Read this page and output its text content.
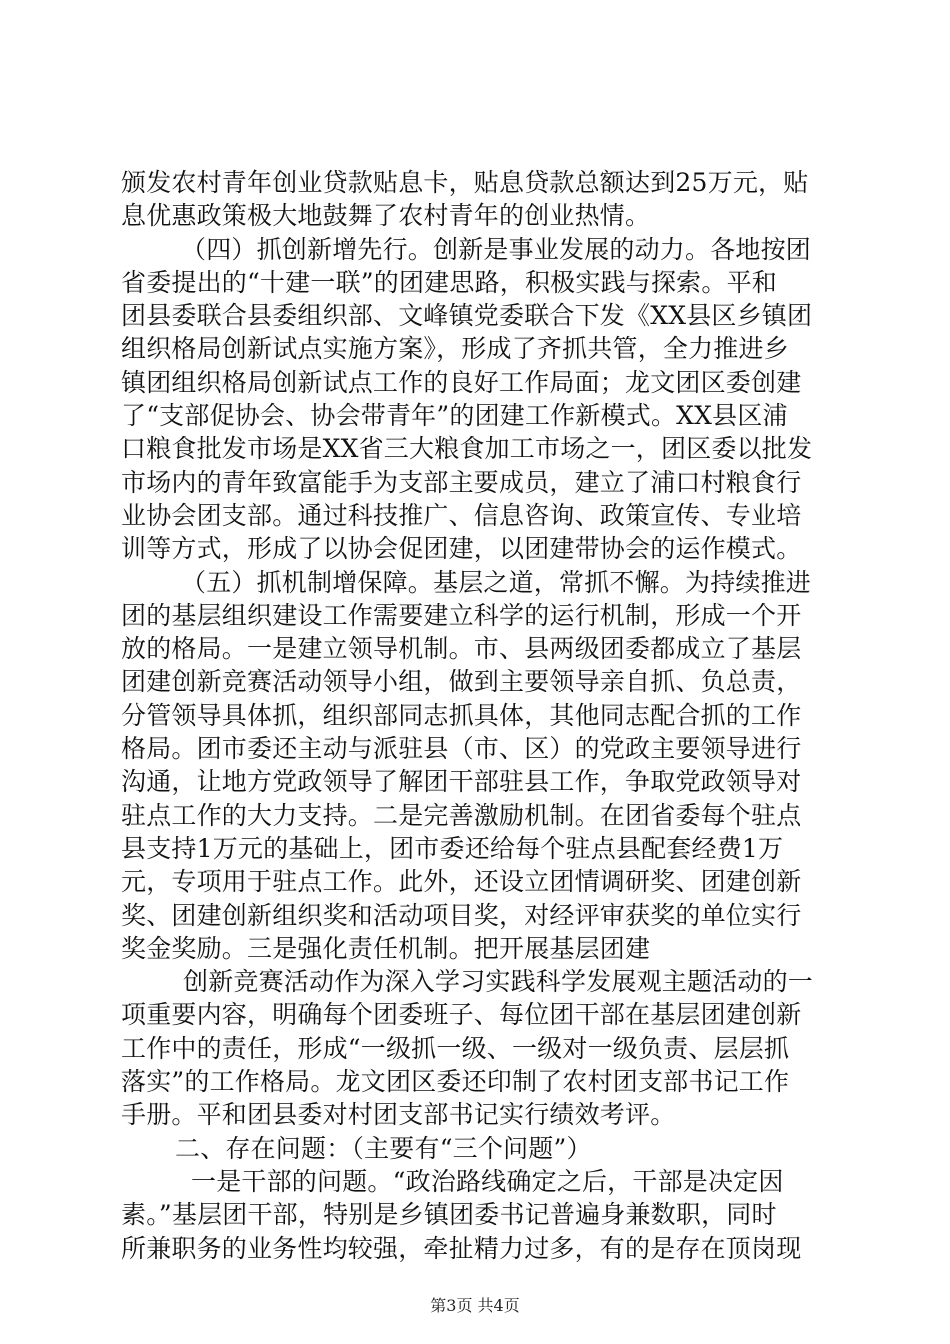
颁发农村青年创业贷款贴息卡，贴息贷款总额达到25万元，贴
息优惠政策极大地鼓舞了农村青年的创业热情。
（四）抓创新增先行。创新是事业发展的动力。各地按团
省委提出的“十建一联”的团建思路，积极实践与探索。平和
团县委联合县委组织部、文峰镇党委联合下发《XX县区乡镇团
组织格局创新试点实施方案》，形成了齐抓共管，全力推进乡
镇团组织格局创新试点工作的良好工作局面；龙文团区委创建
了“支部促协会、协会带青年”的团建工作新模式。XX县区浦
口粮食批发市场是XX省三大粮食加工市场之一，团区委以批发
市场内的青年致富能手为支部主要成员，建立了浦口村粮食行
业协会团支部。通过科技推广、信息咨询、政策宣传、专业培
训等方式，形成了以协会促团建，以团建带协会的运作模式。
（五）抓机制增保障。基层之道，常抓不懈。为持续推进
团的基层组织建设工作需要建立科学的运行机制，形成一个开
放的格局。一是建立领导机制。市、县两级团委都成立了基层
团建创新竞赛活动领导小组，做到主要领导亲自抓、负总责，
分管领导具体抓，组织部同志抓具体，其他同志配合抓的工作
格局。团市委还主动与派驻县（市、区）的党政主要领导进行
沟通，让地方党政领导了解团干部驻县工作，争取党政领导对
驻点工作的大力支持。二是完善激励机制。在团省委每个驻点
县支持1万元的基础上，团市委还给每个驻点县配套经费1万
元，专项用于驻点工作。此外，还设立团情调研奖、团建创新
奖、团建创新组织奖和活动项目奖，对经评审获奖的单位实行
奖金奖励。三是强化责任机制。把开展基层团建
创新竞赛活动作为深入学习实践科学发展观主题活动的一
项重要内容，明确每个团委班子、每位团干部在基层团建创新
工作中的责任，形成“一级抓一级、一级对一级负责、层层抓
落实”的工作格局。龙文团区委还印制了农村团支部书记工作
手册。平和团县委对村团支部书记实行绩效考评。
二、存在问题：（主要有“三个问题”）
一是干部的问题。“政治路线确定之后，干部是决定因
素。”基层团干部，特别是乡镇团委书记普遍身兼数职，同时
所兼职务的业务性均较强，牵扯精力过多，有的是存在顶岗现
第3页 共4页
